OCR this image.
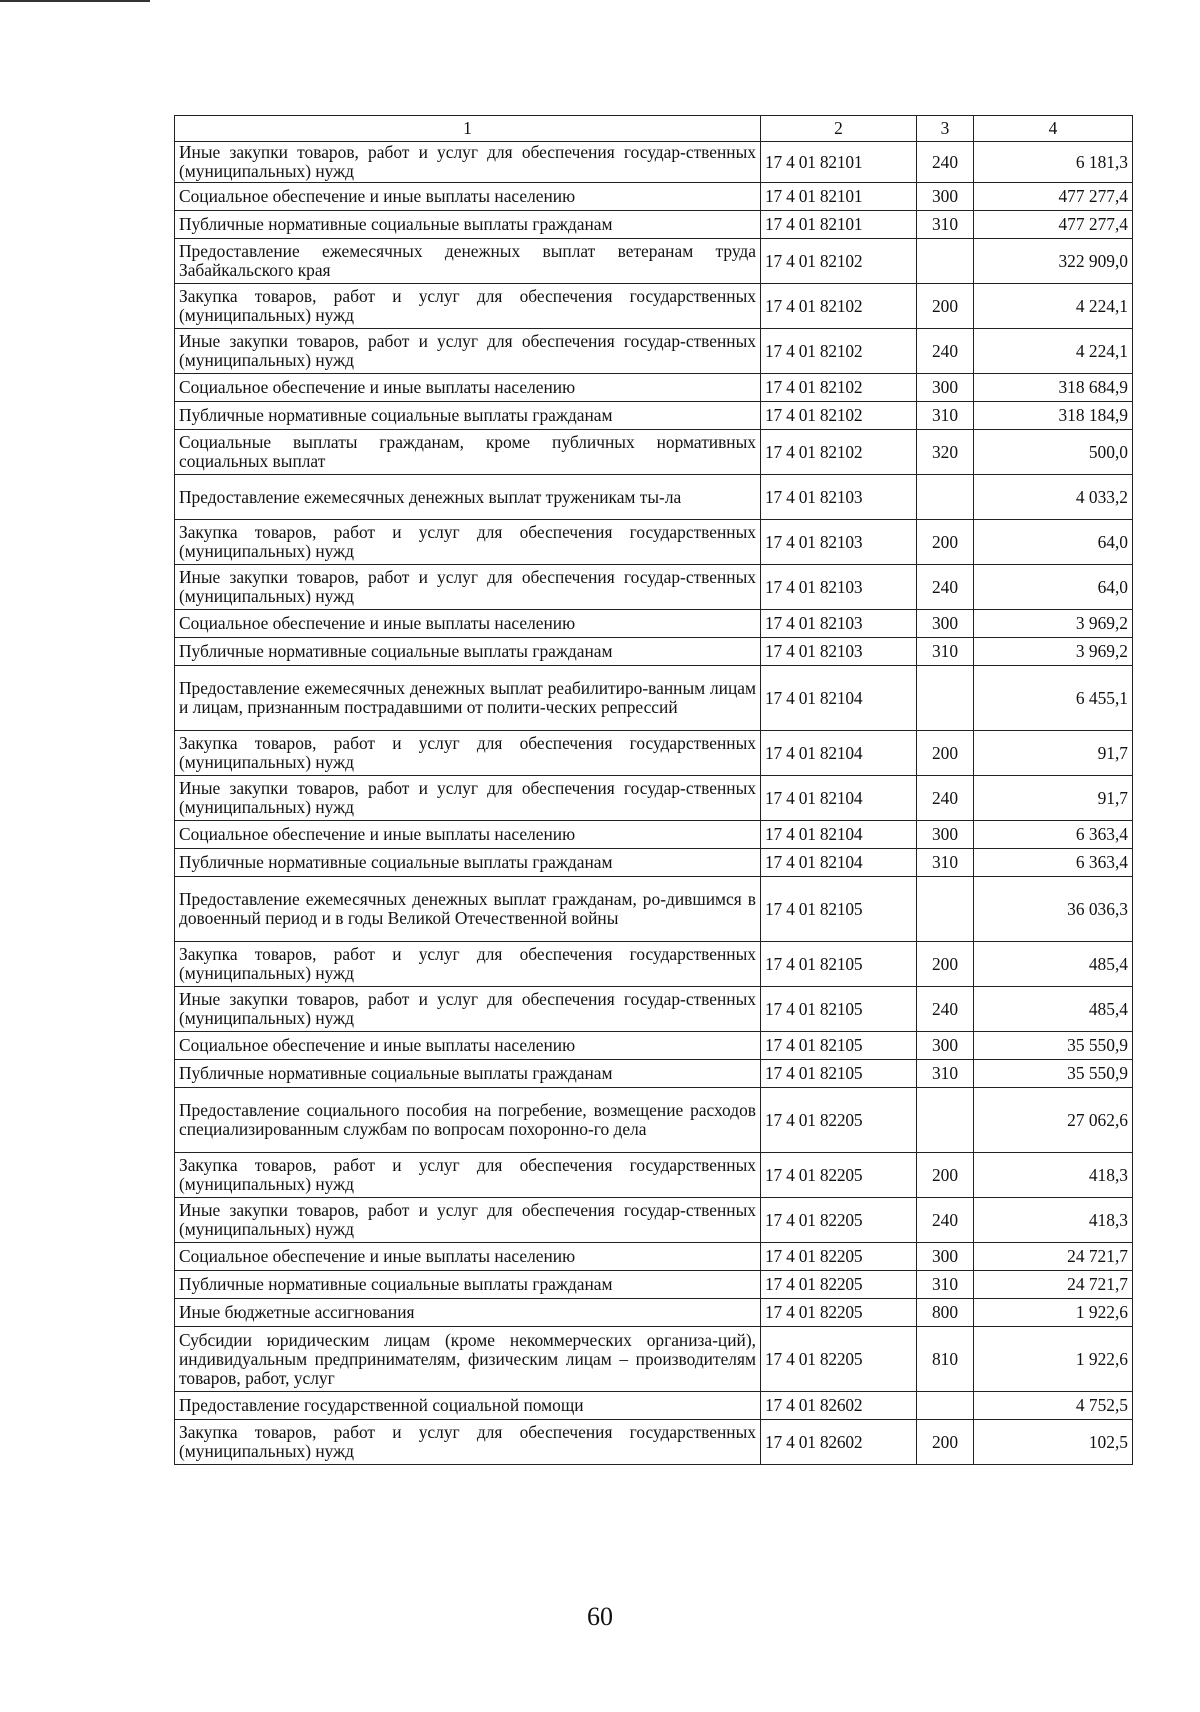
1	2	3	4
Иные закупки товаров, работ и услуг для обеспечения государ-ственных (муниципальных) нужд	17 4 01 82101	240	6 181,3
Социальное обеспечение и иные выплаты населению	17 4 01 82101	300	477 277,4
Публичные нормативные социальные выплаты гражданам	17 4 01 82101	310	477 277,4
Предоставление ежемесячных денежных выплат ветеранам труда Забайкальского края	17 4 01 82102		322 909,0
Закупка товаров, работ и услуг для обеспечения государственных (муниципальных) нужд	17 4 01 82102	200	4 224,1
Иные закупки товаров, работ и услуг для обеспечения государ-ственных (муниципальных) нужд	17 4 01 82102	240	4 224,1
Социальное обеспечение и иные выплаты населению	17 4 01 82102	300	318 684,9
Публичные нормативные социальные выплаты гражданам	17 4 01 82102	310	318 184,9
Социальные выплаты гражданам, кроме публичных нормативных социальных выплат	17 4 01 82102	320	500,0
Предоставление ежемесячных денежных выплат труженикам ты-ла	17 4 01 82103		4 033,2
Закупка товаров, работ и услуг для обеспечения государственных (муниципальных) нужд	17 4 01 82103	200	64,0
Иные закупки товаров, работ и услуг для обеспечения государ-ственных (муниципальных) нужд	17 4 01 82103	240	64,0
Социальное обеспечение и иные выплаты населению	17 4 01 82103	300	3 969,2
Публичные нормативные социальные выплаты гражданам	17 4 01 82103	310	3 969,2
Предоставление ежемесячных денежных выплат реабилитиро-ванным лицам и лицам, признанным пострадавшими от полити-ческих репрессий	17 4 01 82104		6 455,1
Закупка товаров, работ и услуг для обеспечения государственных (муниципальных) нужд	17 4 01 82104	200	91,7
Иные закупки товаров, работ и услуг для обеспечения государ-ственных (муниципальных) нужд	17 4 01 82104	240	91,7
Социальное обеспечение и иные выплаты населению	17 4 01 82104	300	6 363,4
Публичные нормативные социальные выплаты гражданам	17 4 01 82104	310	6 363,4
Предоставление ежемесячных денежных выплат гражданам, ро-дившимся в довоенный период и в годы Великой Отечественной войны	17 4 01 82105		36 036,3
Закупка товаров, работ и услуг для обеспечения государственных (муниципальных) нужд	17 4 01 82105	200	485,4
Иные закупки товаров, работ и услуг для обеспечения государ-ственных (муниципальных) нужд	17 4 01 82105	240	485,4
Социальное обеспечение и иные выплаты населению	17 4 01 82105	300	35 550,9
Публичные нормативные социальные выплаты гражданам	17 4 01 82105	310	35 550,9
Предоставление социального пособия на погребение, возмещение расходов специализированным службам по вопросам похоронно-го дела	17 4 01 82205		27 062,6
Закупка товаров, работ и услуг для обеспечения государственных (муниципальных) нужд	17 4 01 82205	200	418,3
Иные закупки товаров, работ и услуг для обеспечения государ-ственных (муниципальных) нужд	17 4 01 82205	240	418,3
Социальное обеспечение и иные выплаты населению	17 4 01 82205	300	24 721,7
Публичные нормативные социальные выплаты гражданам	17 4 01 82205	310	24 721,7
Иные бюджетные ассигнования	17 4 01 82205	800	1 922,6
Субсидии юридическим лицам (кроме некоммерческих организа-ций), индивидуальным предпринимателям, физическим лицам – производителям товаров, работ, услуг	17 4 01 82205	810	1 922,6
Предоставление государственной социальной помощи	17 4 01 82602		4 752,5
Закупка товаров, работ и услуг для обеспечения государственных (муниципальных) нужд	17 4 01 82602	200	102,5
60
